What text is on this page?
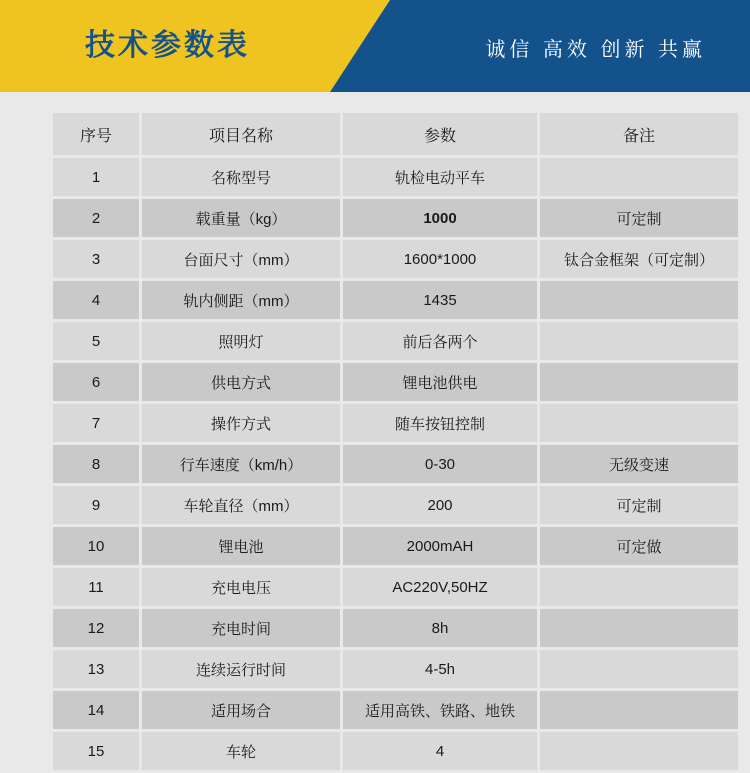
技术参数表	诚信 高效 创新 共赢
序号	项目名称	参数	备注
1	名称型号	轨检电动平车	
2	载重量（kg）	1000	可定制
3	台面尺寸（mm）	1600*1000	钛合金框架（可定制）
4	轨内侧距（mm）	1435	
5	照明灯	前后各两个	
6	供电方式	锂电池供电	
7	操作方式	随车按钮控制	
8	行车速度（km/h）	0-30	无级变速
9	车轮直径（mm）	200	可定制
10	锂电池	2000mAH	可定做
11	充电电压	AC220V,50HZ	
12	充电时间	8h	
13	连续运行时间	4-5h	
14	适用场合	适用高铁、铁路、地铁	
15	车轮	4	
